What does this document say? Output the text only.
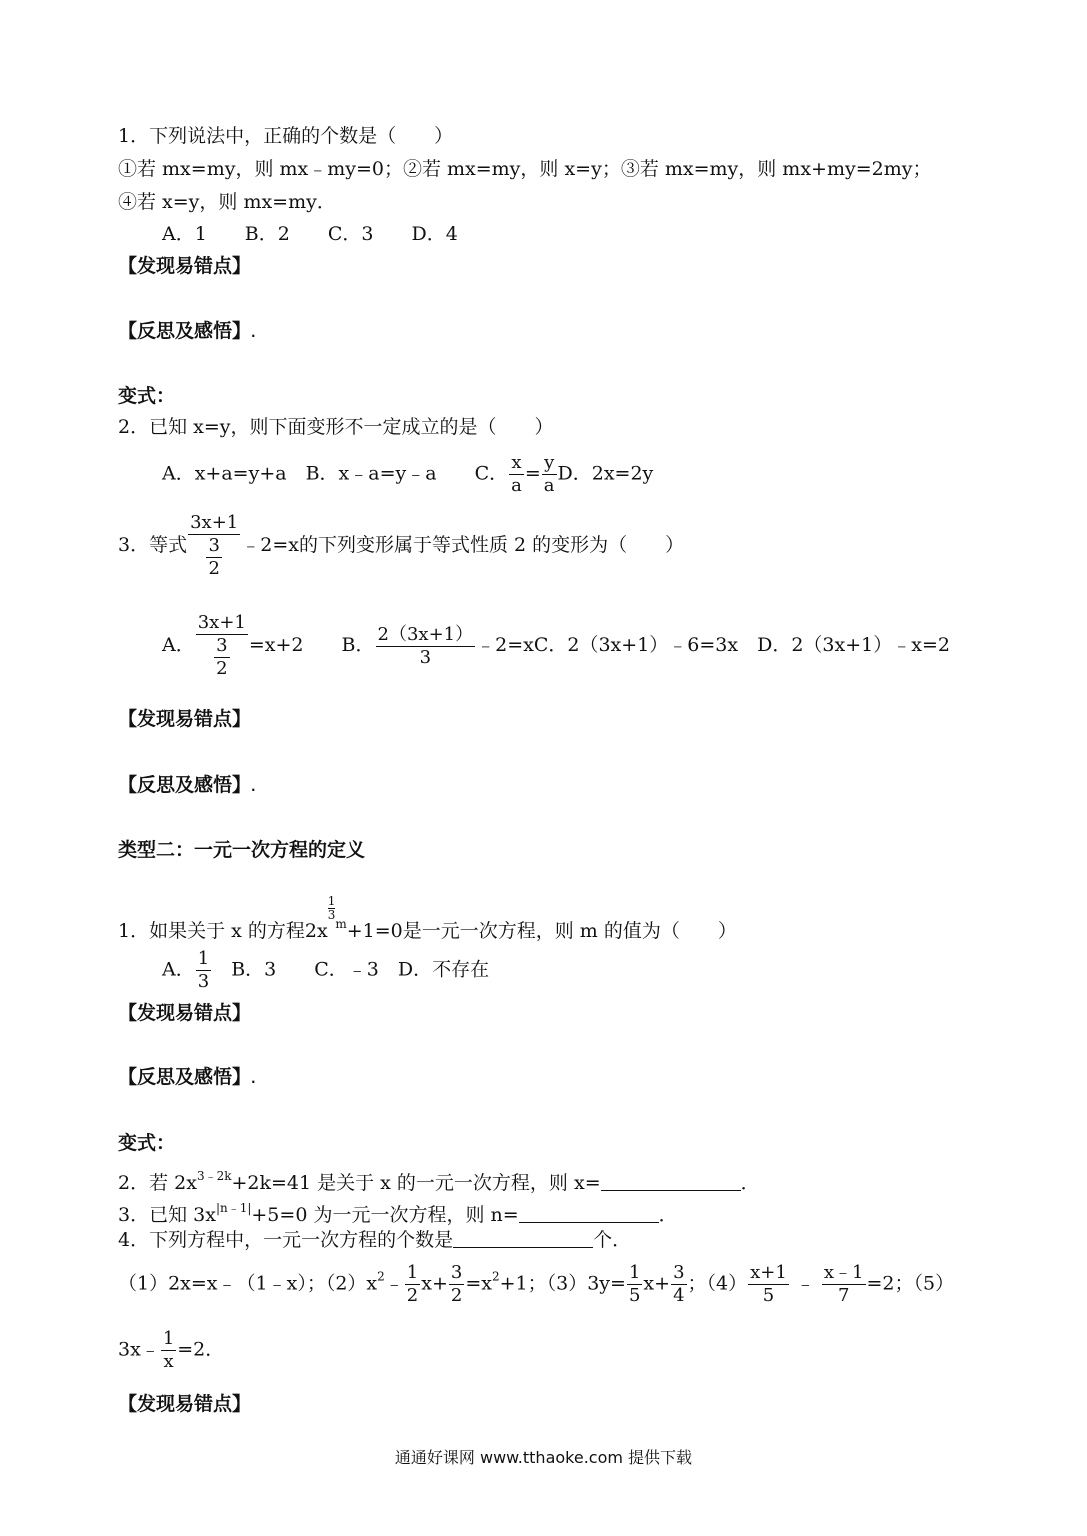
1．下列说法中，正确的个数是（　　）
①若 mx=my，则 mx﹣my=0；②若 mx=my，则 x=y；③若 mx=my，则 mx+my=2my；
④若 x=y，则 mx=my．
A．1　　B．2　　C．3　　D．4
【发现易错点】
【反思及感悟】.
变式：
2．已知 x=y，则下面变形不一定成立的是（　　）
A．x+a=y+a　B．x﹣a=y﹣a　　C． $\frac{x}{a} = \frac{y}{a}$ D．2x=2y
3．等式 $\frac{3x+1}{\frac{3}{2}}$ ﹣2=x的下列变形属于等式性质 2 的变形为（　　）
A． $\frac{3x+1}{\frac{3}{2}} =x+2$　　 B． $\frac{2(3x+1)}{3}$ ﹣2=xC．2（3x+1）﹣6=3x　D．2（3x+1）﹣x=2
【发现易错点】
【反思及感悟】.
类型二：一元一次方程的定义
1．如果关于 x 的方程2x
$\frac{1}{3}^m+1=0$是一元一次方程，则 m 的值为（　　）
A． $\frac{1}{3}$ 　B．3　　C．﹣3　D．不存在
【发现易错点】
【反思及感悟】.
变式：
2．若 $2x^{3﹣2k}+2k=41$ 是关于 x 的一元一次方程，则 x=	．
3．已知 $3x^{|n﹣1|}+5=0$ 为一元一次方程，则 n=	．
4．下列方程中，一元一次方程的个数是	个．
（1）2x=x﹣（1﹣x）；$(2)x^2﹣ \frac{1}{2} x+ \frac{3}{2} =x^2+1$；$(3)3y= \frac{1}{5} x+ \frac{3}{4}$ ；$(4) \frac{x+1}{5}$ ﹣ $\frac{x﹣1}{7} =2$；（5）
3x﹣ $\frac{1}{x} =2$．
【发现易错点】
通通好课网 www.tthaoke.com 提供下载
